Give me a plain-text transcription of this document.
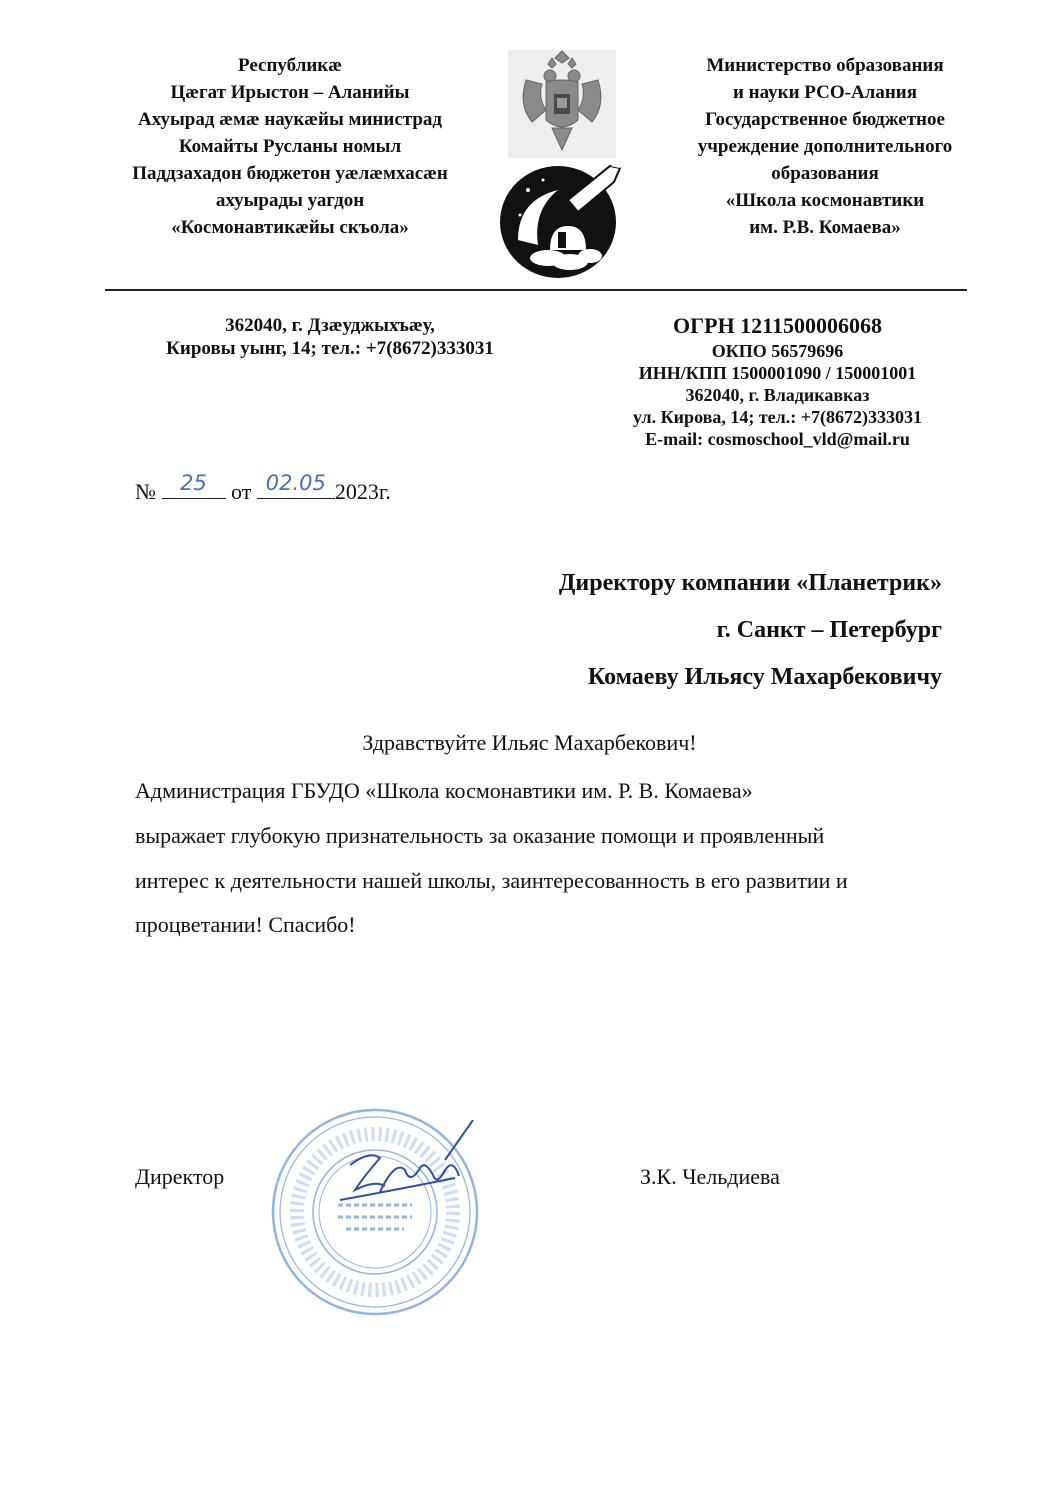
Республикæ
Цæгат Ирыстон – Аланийы
Ахуырад æмæ наукæйы министрад
Комайты Русланы номыл
Паддзахадон бюджетон уæлæмхасæн
ахуырады уагдон
«Космонавтикæйы скъола»
Министерство образования
и науки РСО-Алания
Государственное бюджетное
учреждение дополнительного
образования
«Школа космонавтики
им. Р.В. Комаева»
362040, г. Дзæуджыхъæу,
Кировы уынг, 14; тел.: +7(8672)333031
ОГРН 1211500006068
ОКПО 56579696
ИНН/КПП 1500001090 / 150001001
362040, г. Владикавказ
ул. Кирова, 14; тел.: +7(8672)333031
E-mail: cosmoschool_vld@mail.ru
№	25	от 02.05 2023г.
Директору компании «Планетрик»
г. Санкт – Петербург
Комаеву Ильясу Махарбековичу
Здравствуйте Ильяс Махарбекович!
Администрация ГБУДО «Школа космонавтики им. Р. В. Комаева»
выражает глубокую признательность за оказание помощи и проявленный
интерес к деятельности нашей школы, заинтересованность в его развитии и
процветании! Спасибо!
Директор	З.К. Чельдиева
